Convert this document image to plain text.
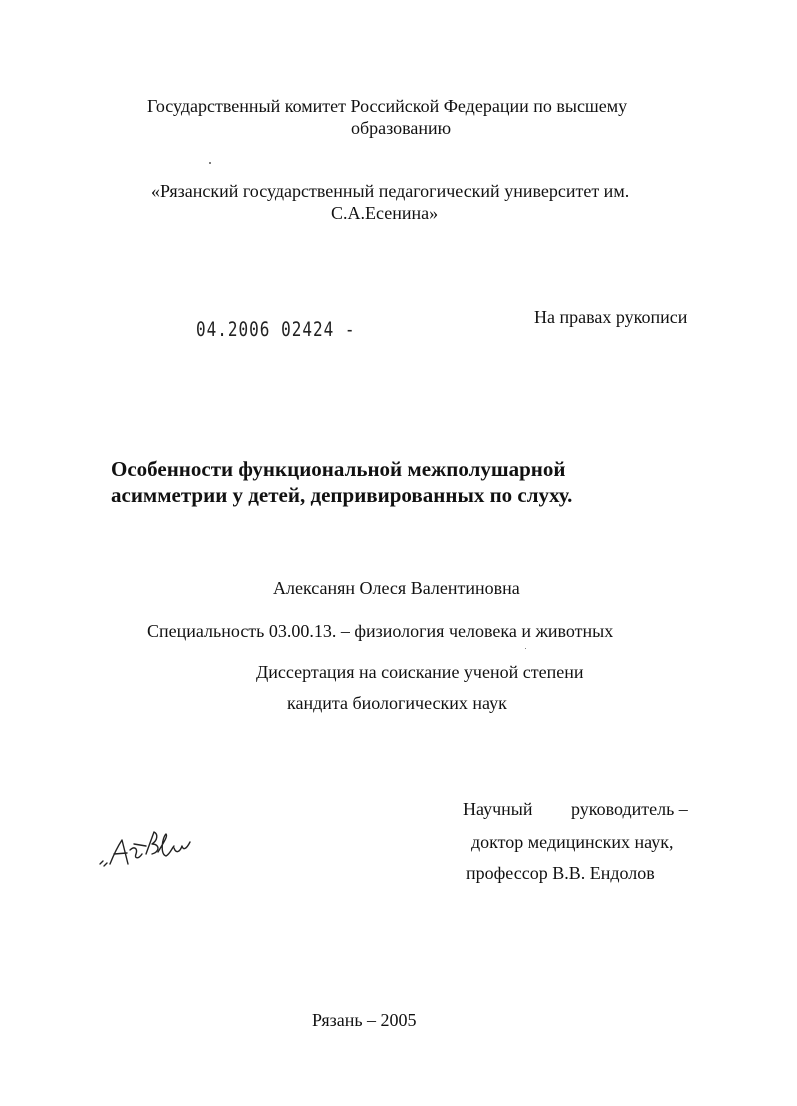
Государственный комитет Российской Федерации по высшему
образованию
«Рязанский государственный педагогический университет им.
С.А.Есенина»
04.2006 02424 -
На правах рукописи
Особенности функциональной межполушарной
асимметрии у детей, депривированных по слуху.
Алексанян Олеся Валентиновна
Специальность 03.00.13. – физиология человека и животных
Диссертация на соискание ученой степени
кандита биологических наук
Научный руководитель –
доктор медицинских наук,
профессор В.В. Ендолов
Рязань – 2005
